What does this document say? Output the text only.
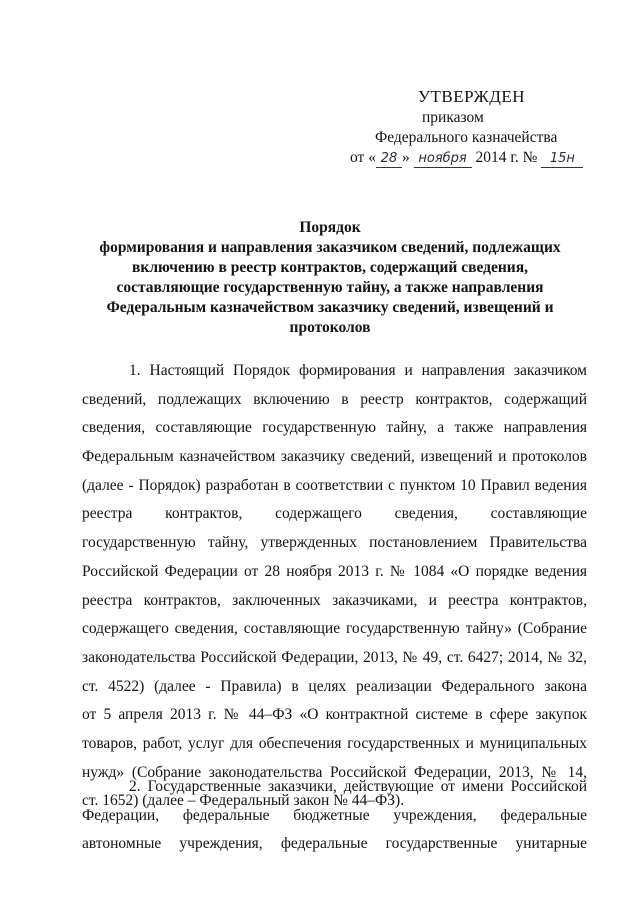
УТВЕРЖДЕН
приказом
Федерального казначейства
от « 28 » ноября 2014 г. № 15н
Порядок
формирования и направления заказчиком сведений, подлежащих
включению в реестр контрактов, содержащий сведения,
составляющие государственную тайну, а также направления
Федеральным казначейством заказчику сведений, извещений и
протоколов
1. Настоящий Порядок формирования и направления заказчиком
сведений, подлежащих включению в реестр контрактов, содержащий
сведения, составляющие государственную тайну, а также направления
Федеральным казначейством заказчику сведений, извещений и протоколов
(далее - Порядок) разработан в соответствии с пунктом 10 Правил ведения
реестра контрактов, содержащего сведения, составляющие
государственную тайну, утвержденных постановлением Правительства
Российской Федерации от 28 ноября 2013 г. № 1084 «О порядке ведения
реестра контрактов, заключенных заказчиками, и реестра контрактов,
содержащего сведения, составляющие государственную тайну» (Собрание
законодательства Российской Федерации, 2013, № 49, ст. 6427; 2014, № 32,
ст. 4522) (далее - Правила) в целях реализации Федерального закона
от 5 апреля 2013 г. № 44–ФЗ «О контрактной системе в сфере закупок
товаров, работ, услуг для обеспечения государственных и муниципальных
нужд» (Собрание законодательства Российской Федерации, 2013, № 14,
ст. 1652) (далее – Федеральный закон № 44–ФЗ).
2. Государственные заказчики, действующие от имени Российской
Федерации, федеральные бюджетные учреждения, федеральные
автономные учреждения, федеральные государственные унитарные
